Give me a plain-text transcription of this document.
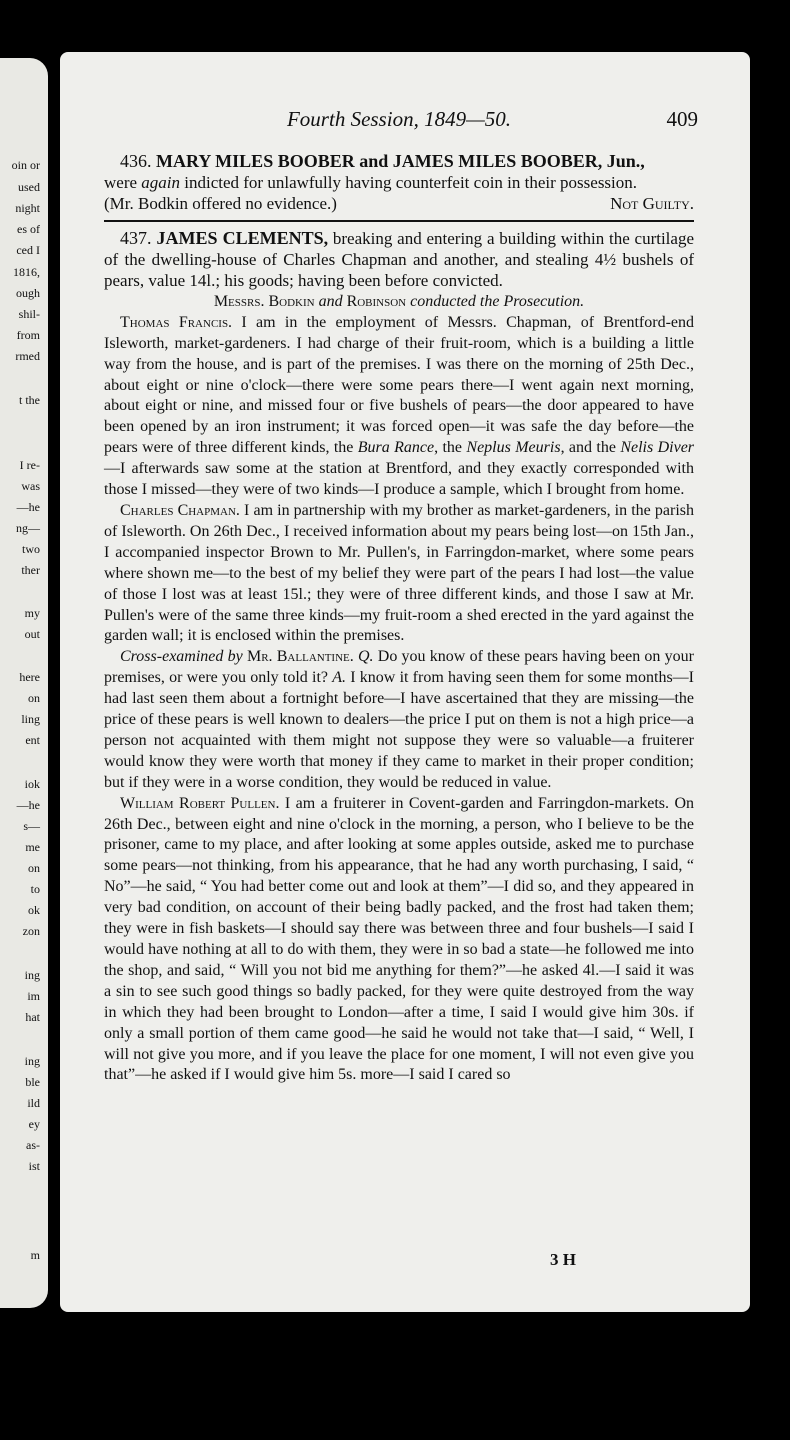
oin or
used
night
es of
ced I
1816,
ough
shil-
from
rmed
t the
I re-
was
—he
ng—
two
ther
my
out
here
on
ling
ent
iok
—he
s—
me
on
to
ok
zon
ing
im
hat
ing
ble
ild
ey
as-
ist
m
Fourth Session, 1849—50.	409
436. MARY MILES BOOBER and JAMES MILES BOOBER, Jun.,
were again indicted for unlawfully having counterfeit coin in their possession.
(Mr. Bodkin offered no evidence.)	Not Guilty.
437. JAMES CLEMENTS, breaking and entering a building within the curtilage of the dwelling-house of Charles Chapman and another, and stealing 4½ bushels of pears, value 14l.; his goods; having been before convicted.
Messrs. Bodkin and Robinson conducted the Prosecution.

Thomas Francis. I am in the employment of Messrs. Chapman, of Brentford-end Isleworth, market-gardeners. I had charge of their fruit-room, which is a building a little way from the house, and is part of the premises. I was there on the morning of 25th Dec., about eight or nine o'clock—there were some pears there—I went again next morning, about eight or nine, and missed four or five bushels of pears—the door appeared to have been opened by an iron instrument; it was forced open—it was safe the day before—the pears were of three different kinds, the Bura Rance, the Neplus Meuris, and the Nelis Diver—I afterwards saw some at the station at Brentford, and they exactly corresponded with those I missed—they were of two kinds—I produce a sample, which I brought from home.

Charles Chapman. I am in partnership with my brother as market-gardeners, in the parish of Isleworth. On 26th Dec., I received information about my pears being lost—on 15th Jan., I accompanied inspector Brown to Mr. Pullen's, in Farringdon-market, where some pears where shown me—to the best of my belief they were part of the pears I had lost—the value of those I lost was at least 15l.; they were of three different kinds, and those I saw at Mr. Pullen's were of the same three kinds—my fruit-room a shed erected in the yard against the garden wall; it is enclosed within the premises.

Cross-examined by Mr. Ballantine. Q. Do you know of these pears having been on your premises, or were you only told it? A. I know it from having seen them for some months—I had last seen them about a fortnight before—I have ascertained that they are missing—the price of these pears is well known to dealers—the price I put on them is not a high price—a person not acquainted with them might not suppose they were so valuable—a fruiterer would know they were worth that money if they came to market in their proper condition; but if they were in a worse condition, they would be reduced in value.

William Robert Pullen. I am a fruiterer in Covent-garden and Farringdon-markets. On 26th Dec., between eight and nine o'clock in the morning, a person, who I believe to be the prisoner, came to my place, and after looking at some apples outside, asked me to purchase some pears—not thinking, from his appearance, that he had any worth purchasing, I said, “ No”—he said, “ You had better come out and look at them”—I did so, and they appeared in very bad condition, on account of their being badly packed, and the frost had taken them; they were in fish baskets—I should say there was between three and four bushels—I said I would have nothing at all to do with them, they were in so bad a state—he followed me into the shop, and said, “ Will you not bid me anything for them?”—he asked 4l.—I said it was a sin to see such good things so badly packed, for they were quite destroyed from the way in which they had been brought to London—after a time, I said I would give him 30s. if only a small portion of them came good—he said he would not take that—I said, “ Well, I will not give you more, and if you leave the place for one moment, I will not even give you that”—he asked if I would give him 5s. more—I said I cared so

3 H
